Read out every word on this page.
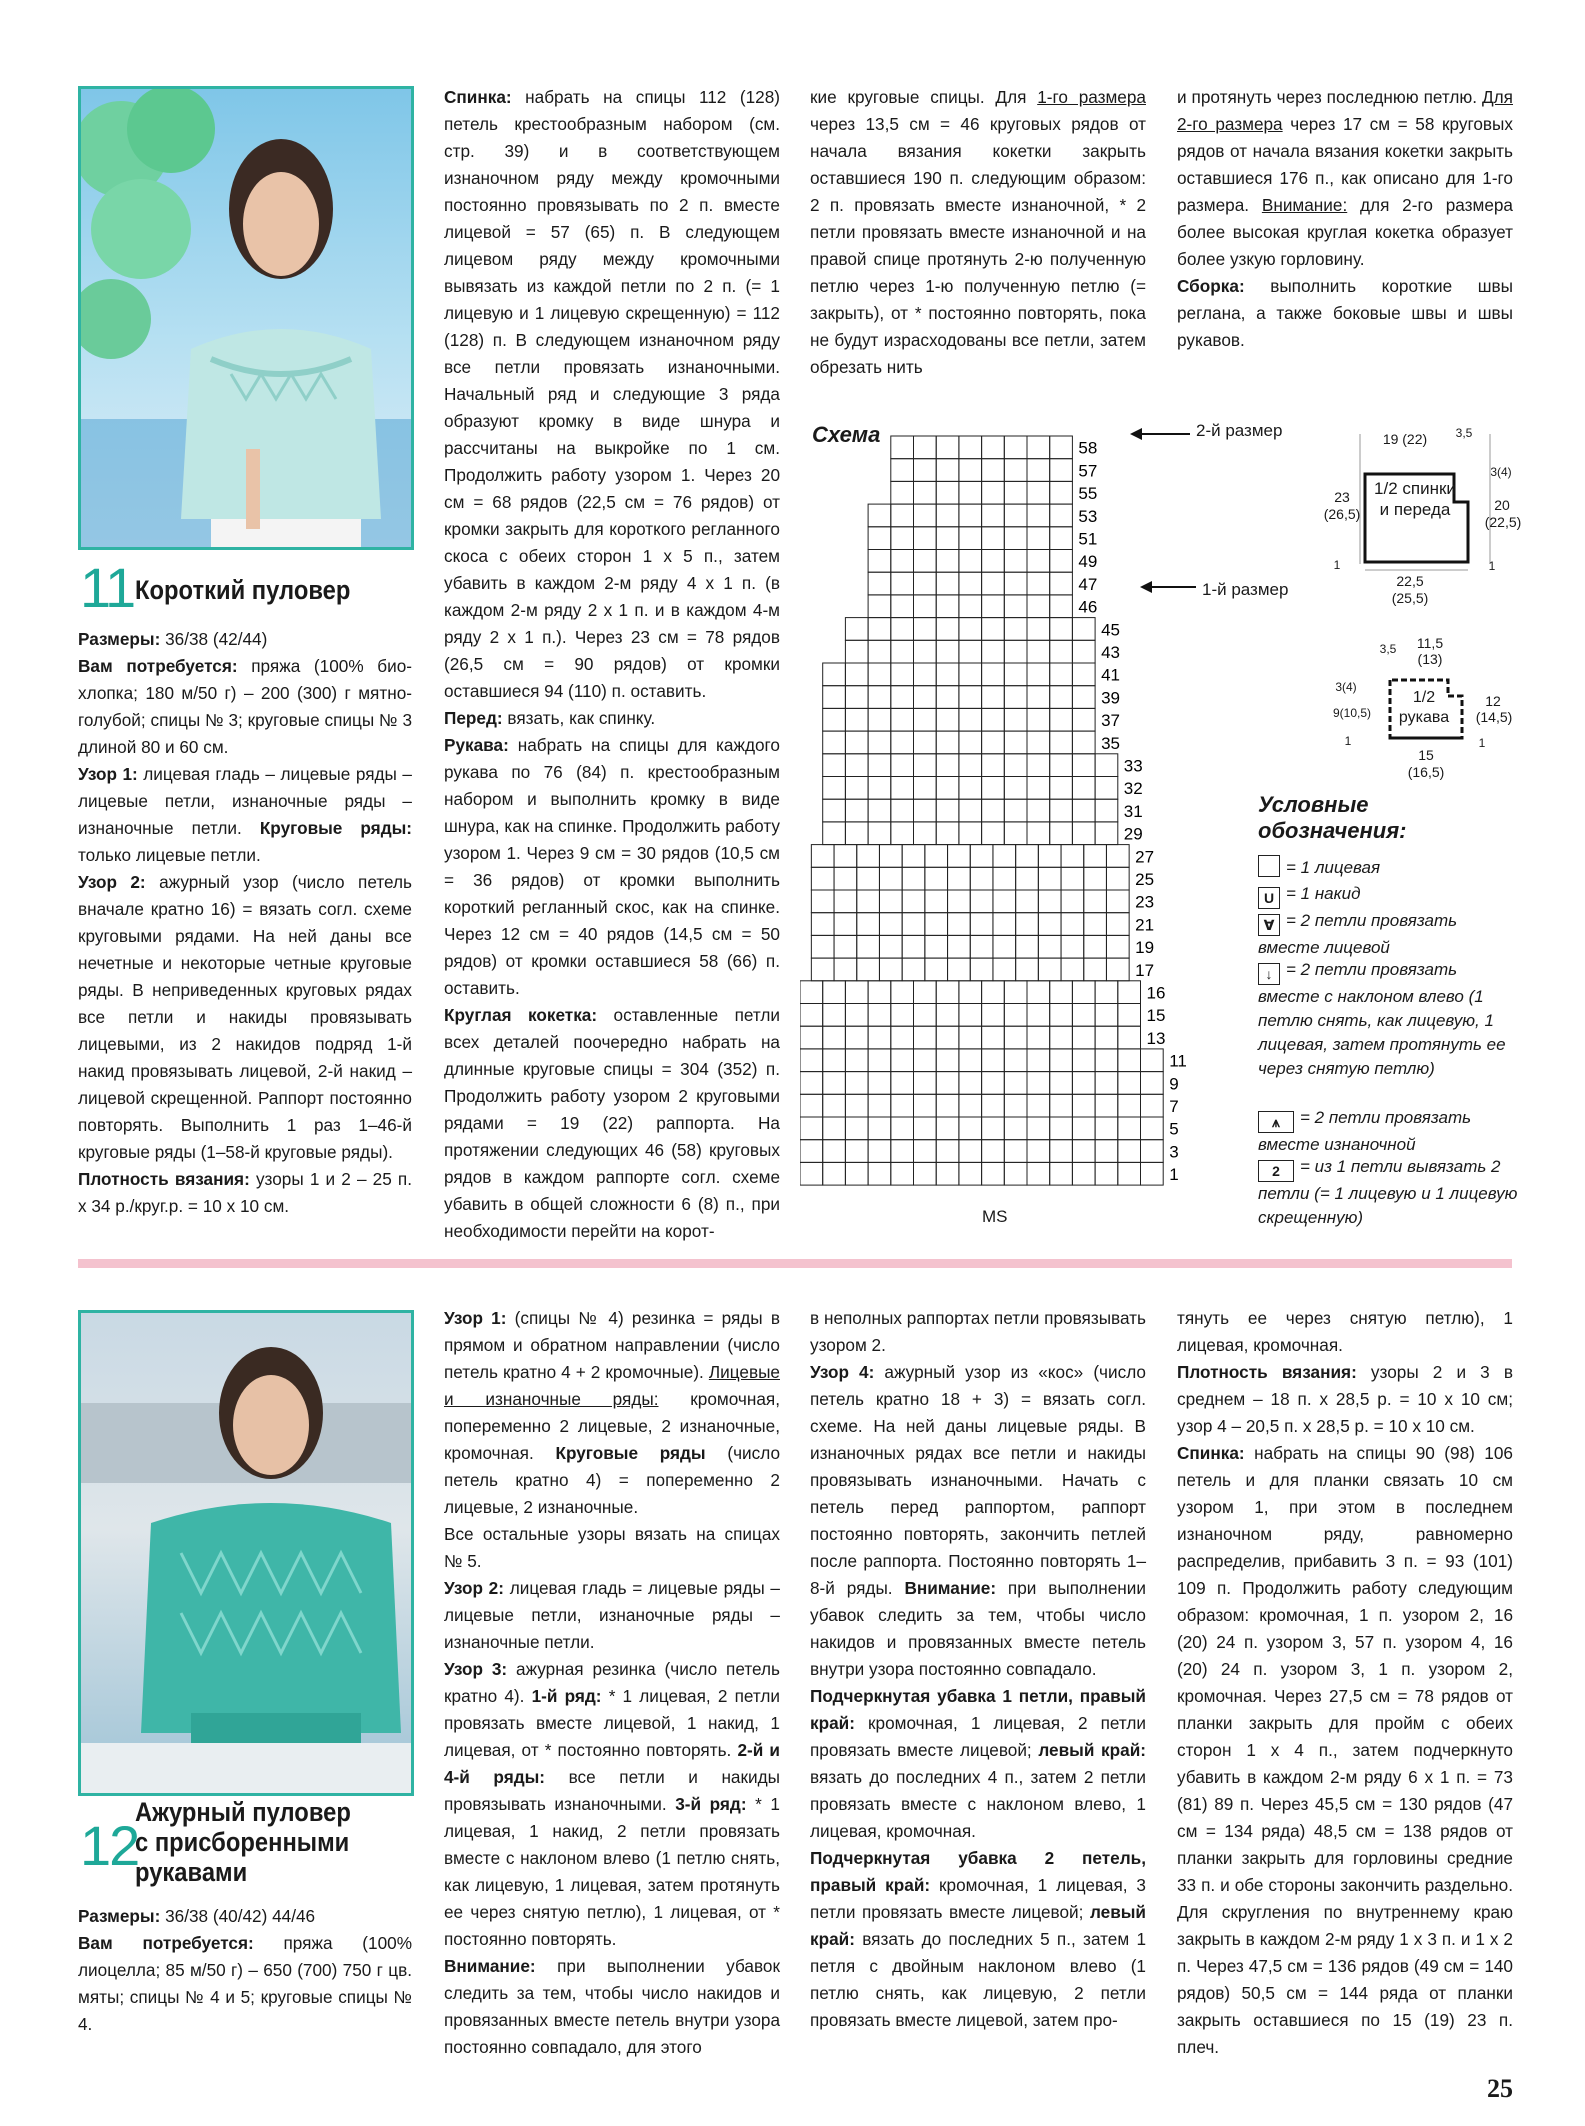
11 Короткий пуловер

Размеры: 36/38 (42/44)

Вам потребуется: пряжа (100% био-хлопка; 180 м/50 г) – 200 (300) г мятно-голубой; спицы № 3; круговые спицы № 3 длиной 80 и 60 см.

Узор 1: лицевая гладь – лицевые ряды – лицевые петли, изнаночные ряды – изнаночные петли. Круговые ряды: только лицевые петли.

Узор 2: ажурный узор (число петель вначале кратно 16) = вязать согл. схеме круговыми рядами. На ней даны все нечетные и некоторые четные круговые ряды. В неприведенных круговых рядах все петли и накиды провязывать лицевыми, из 2 накидов подряд 1-й накид провязывать лицевой, 2-й накид – лицевой скрещенной. Раппорт постоянно повторять. Выполнить 1 раз 1–46-й круговые ряды (1–58-й круговые ряды).

Плотность вязания: узоры 1 и 2 – 25 п. х 34 р./круг.р. = 10 х 10 см.

Спинка: набрать на спицы 112 (128) петель крестообразным набором (см. стр. 39) и в соответствующем изнаночном ряду между кромочными постоянно провязывать по 2 п. вместе лицевой = 57 (65) п. В следующем лицевом ряду между кромочными вывязать из каждой петли по 2 п. (= 1 лицевую и 1 лицевую скрещенную) = 112 (128) п. В следующем изнаночном ряду все петли провязать изнаночными. Начальный ряд и следующие 3 ряда образуют кромку в виде шнура и рассчитаны на выкройке по 1 см. Продолжить работу узором 1. Через 20 см = 68 рядов (22,5 см = 76 рядов) от кромки закрыть для короткого регланного скоса с обеих сторон 1 х 5 п., затем убавить в каждом 2-м ряду 4 х 1 п. (в каждом 2-м ряду 2 х 1 п. и в каждом 4-м ряду 2 х 1 п.). Через 23 см = 78 рядов (26,5 см = 90 рядов) от кромки оставшиеся 94 (110) п. оставить.

Перед: вязать, как спинку.

Рукава: набрать на спицы для каждого рукава по 76 (84) п. крестообразным набором и выполнить кромку в виде шнура, как на спинке. Продолжить работу узором 1. Через 9 см = 30 рядов (10,5 см = 36 рядов) от кромки выполнить короткий регланный скос, как на спинке. Через 12 см = 40 рядов (14,5 см = 50 рядов) от кромки оставшиеся 58 (66) п. оставить.

Круглая кокетка: оставленные петли всех деталей поочередно набрать на длинные круговые спицы = 304 (352) п. Продолжить работу узором 2 круговыми рядами = 19 (22) раппорта. На протяжении следующих 46 (58) круговых рядов в каждом раппорте согл. схеме убавить в общей сложности 6 (8) п., при необходимости перейти на корот-

кие круговые спицы. Для 1-го размера через 13,5 см = 46 круговых рядов от начала вязания кокетки закрыть оставшиеся 190 п. следующим образом: 2 п. провязать вместе изнаночной, * 2 петли провязать вместе изнаночной и на правой спице протянуть 2-ю полученную петлю через 1-ю полученную петлю (= закрыть), от * постоянно повторять, пока не будут израсходованы все петли, затем обрезать нить

и протянуть через последнюю петлю. Для 2-го размера через 17 см = 58 круговых рядов от начала вязания кокетки закрыть оставшиеся 176 п., как описано для 1-го размера. Внимание: для 2-го размера более высокая круглая кокетка образует более узкую горловину.

Сборка: выполнить короткие швы реглана, а также боковые швы и швы рукавов.

Схема
58
57
55
53
51
49
47
46
45
43
41
39
37
35
33
32
31
29
27
25
23
21
19
17
16
15
13
11
9
7
5
3
1
MS
2-й размер
1-й размер
19 (22)	3,5
3(4)
23
(26,5)
1
1/2 спинки и переда	20
(22,5)
1
22,5
(25,5)
3,5	11,5
(13)
3(4)
9(10,5)
1
1/2 рукава
12
(14,5)
1
15
(16,5)
Условные
обозначения:
= 1 лицевая
U = 1 накид
∀ = 2 петли провязать вместе лицевой
↓ = 2 петли провязать вместе с наклоном влево (1 петлю снять, как лицевую, 1 лицевая, затем протянуть ее через снятую петлю)
⩚ = 2 петли провязать вместе изнаночной
2 = из 1 петли вывязать 2 петли (= 1 лицевую и 1 лицевую скрещенную)
12
Ажурный пуловер
с присборенными
рукавами

Размеры: 36/38 (40/42) 44/46

Вам потребуется: пряжа (100% лиоцелла; 85 м/50 г) – 650 (700) 750 г цв. мяты; спицы № 4 и 5; круговые спицы № 4.

Узор 1: (спицы № 4) резинка = ряды в прямом и обратном направлении (число петель кратно 4 + 2 кромочные). Лицевые и изнаночные ряды: кромочная, попеременно 2 лицевые, 2 изнаночные, кромочная. Круговые ряды (число петель кратно 4) = попеременно 2 лицевые, 2 изнаночные.

Все остальные узоры вязать на спицах № 5.

Узор 2: лицевая гладь = лицевые ряды – лицевые петли, изнаночные ряды – изнаночные петли.

Узор 3: ажурная резинка (число петель кратно 4). 1-й ряд: * 1 лицевая, 2 петли провязать вместе лицевой, 1 накид, 1 лицевая, от * постоянно повторять. 2-й и 4-й ряды: все петли и накиды провязывать изнаночными. 3-й ряд: * 1 лицевая, 1 накид, 2 петли провязать вместе с наклоном влево (1 петлю снять, как лицевую, 1 лицевая, затем протянуть ее через снятую петлю), 1 лицевая, от * постоянно повторять.

Внимание: при выполнении убавок следить за тем, чтобы число накидов и провязанных вместе петель внутри узора постоянно совпадало, для этого

в неполных раппортах петли провязывать узором 2.

Узор 4: ажурный узор из «кос» (число петель кратно 18 + 3) = вязать согл. схеме. На ней даны лицевые ряды. В изнаночных рядах все петли и накиды провязывать изнаночными. Начать с петель перед раппортом, раппорт постоянно повторять, закончить петлей после раппорта. Постоянно повторять 1–8-й ряды. Внимание: при выполнении убавок следить за тем, чтобы число накидов и провязанных вместе петель внутри узора постоянно совпадало.

Подчеркнутая убавка 1 петли, правый край: кромочная, 1 лицевая, 2 петли провязать вместе лицевой; левый край: вязать до последних 4 п., затем 2 петли провязать вместе с наклоном влево, 1 лицевая, кромочная.

Подчеркнутая убавка 2 петель, правый край: кромочная, 1 лицевая, 3 петли провязать вместе лицевой; левый край: вязать до последних 5 п., затем 1 петля с двойным наклоном влево (1 петлю снять, как лицевую, 2 петли провязать вместе лицевой, затем про-

тянуть ее через снятую петлю), 1 лицевая, кромочная.

Плотность вязания: узоры 2 и 3 в среднем – 18 п. х 28,5 р. = 10 х 10 см; узор 4 – 20,5 п. х 28,5 р. = 10 х 10 см.

Спинка: набрать на спицы 90 (98) 106 петель и для планки связать 10 см узором 1, при этом в последнем изнаночном ряду, равномерно распределив, прибавить 3 п. = 93 (101) 109 п. Продолжить работу следующим образом: кромочная, 1 п. узором 2, 16 (20) 24 п. узором 3, 57 п. узором 4, 16 (20) 24 п. узором 3, 1 п. узором 2, кромочная. Через 27,5 см = 78 рядов от планки закрыть для пройм с обеих сторон 1 х 4 п., затем подчеркнуто убавить в каждом 2-м ряду 6 х 1 п. = 73 (81) 89 п. Через 45,5 см = 130 рядов (47 см = 134 ряда) 48,5 см = 138 рядов от планки закрыть для горловины средние 33 п. и обе стороны закончить раздельно. Для скругления по внутреннему краю закрыть в каждом 2-м ряду 1 х 3 п. и 1 х 2 п. Через 47,5 см = 136 рядов (49 см = 140 рядов) 50,5 см = 144 ряда от планки закрыть оставшиеся по 15 (19) 23 п. плеч.

25
